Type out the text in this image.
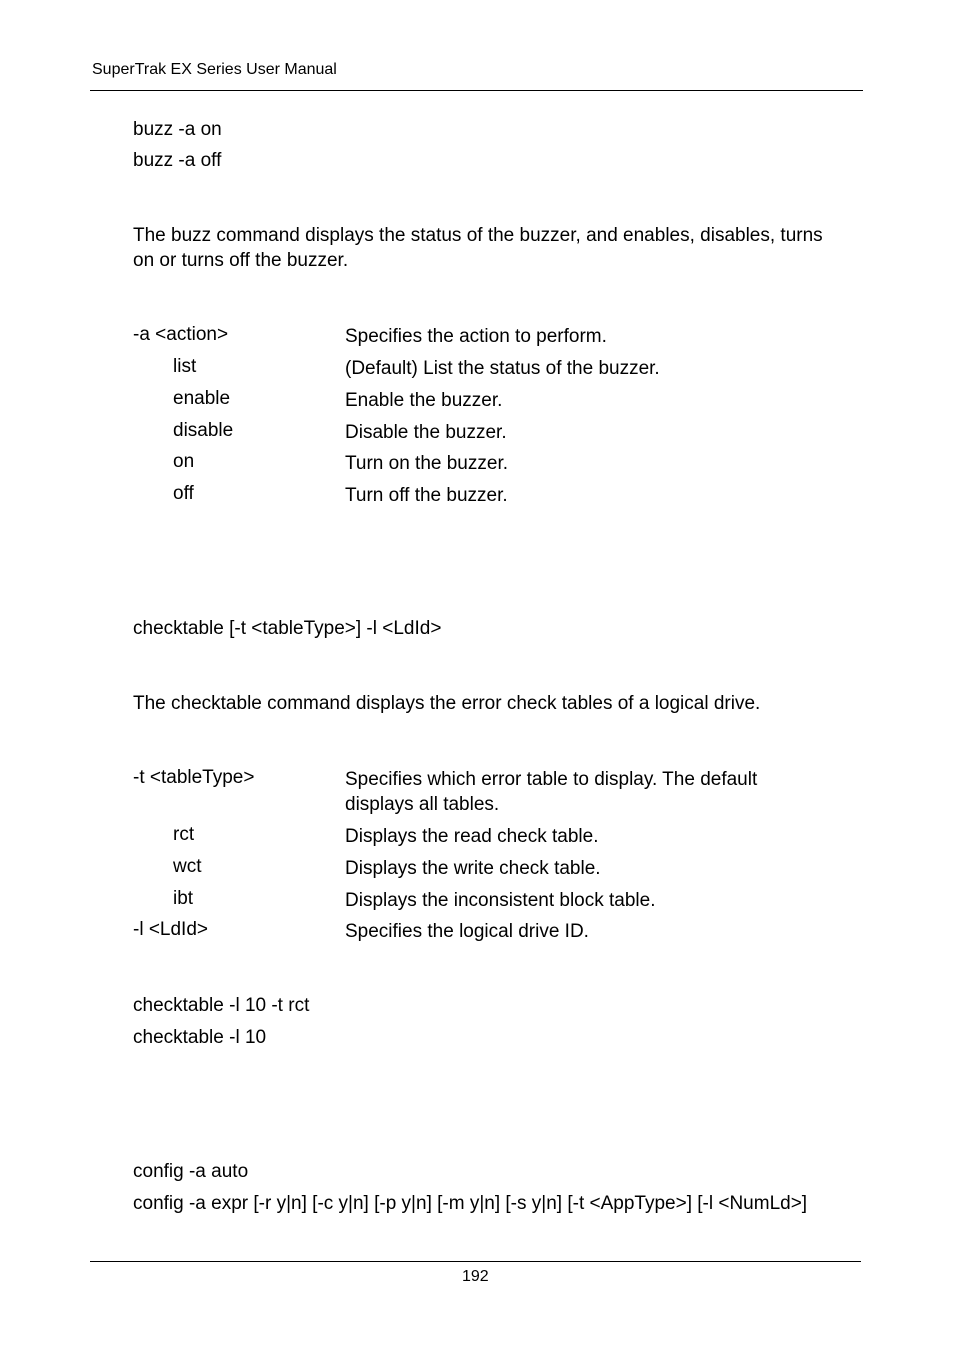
SuperTrak EX Series User Manual
buzz -a on
buzz -a off
The buzz command displays the status of the buzzer, and enables, disables, turns on or turns off the buzzer.
-a <action>	Specifies the action to perform.
list	(Default) List the status of the buzzer.
enable	Enable the buzzer.
disable	Disable the buzzer.
on	Turn on the buzzer.
off	Turn off the buzzer.
checktable [-t <tableType>] -l <LdId>
The checktable command displays the error check tables of a logical drive.
-t <tableType>	Specifies which error table to display. The default
displays all tables.
rct	Displays the read check table.
wct	Displays the write check table.
ibt	Displays the inconsistent block table.
-l <LdId>	Specifies the logical drive ID.
checktable -l 10 -t rct
checktable -l 10
config -a auto
config -a expr [-r y|n] [-c y|n] [-p y|n] [-m y|n] [-s y|n] [-t <AppType>] [-l <NumLd>]
192
